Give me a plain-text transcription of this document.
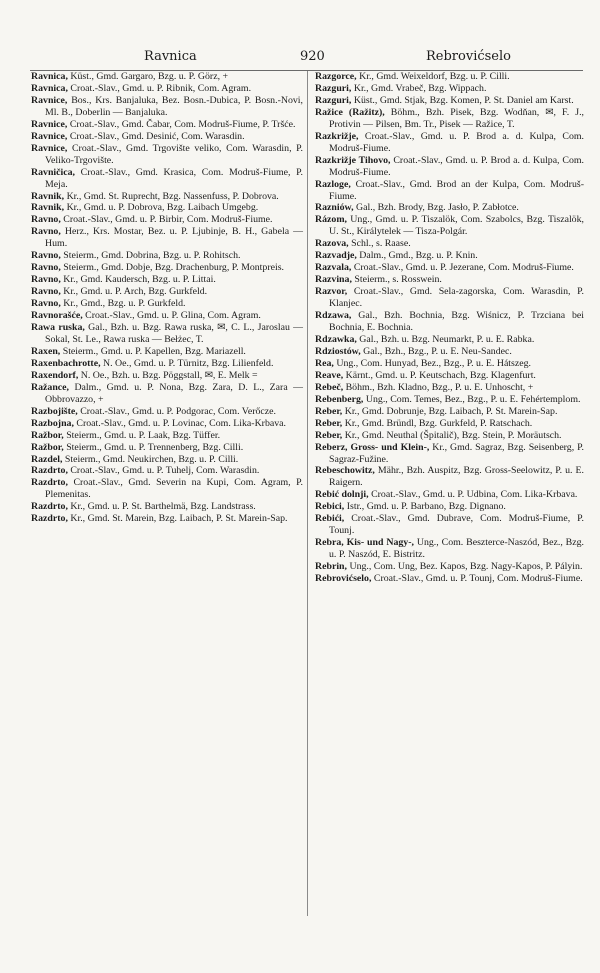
Ravnica	920	Rebrovićselo

Ravnica, Küst., Gmd. Gargaro, Bzg. u. P. Görz, +

Ravnica, Croat.-Slav., Gmd. u. P. Ribnik, Com. Agram.

Ravnice, Bos., Krs. Banjaluka, Bez. Bosn.-Dubica, P. Bosn.-Novi, Ml. B., Doberlin — Banjaluka.

Ravnice, Croat.-Slav., Gmd. Čabar, Com. Modruš-Fiume, P. Tršće.

Ravnice, Croat.-Slav., Gmd. Desinić, Com. Warasdin.

Ravnice, Croat.-Slav., Gmd. Trgovište veliko, Com. Warasdin, P. Veliko-Trgovište.

Ravničica, Croat.-Slav., Gmd. Krasica, Com. Modruš-Fiume, P. Meja.

Ravnik, Kr., Gmd. St. Ruprecht, Bzg. Nassenfuss, P. Dobrova.

Ravnik, Kr., Gmd. u. P. Dobrova, Bzg. Laibach Umgebg.

Ravno, Croat.-Slav., Gmd. u. P. Birbir, Com. Modruš-Fiume.

Ravno, Herz., Krs. Mostar, Bez. u. P. Ljubinje, B. H., Gabela — Hum.

Ravno, Steierm., Gmd. Dobrina, Bzg. u. P. Rohitsch.

Ravno, Steierm., Gmd. Dobje, Bzg. Drachenburg, P. Montpreis.

Ravno, Kr., Gmd. Kaudersch, Bzg. u. P. Littai.

Ravno, Kr., Gmd. u. P. Arch, Bzg. Gurkfeld.

Ravno, Kr., Gmd., Bzg. u. P. Gurkfeld.

Ravnorašće, Croat.-Slav., Gmd. u. P. Glina, Com. Agram.

Rawa ruska, Gal., Bzh. u. Bzg. Rawa ruska, ✉, C. L., Jaroslau — Sokal, St. Le., Rawa ruska — Bełżec, T.

Raxen, Steierm., Gmd. u. P. Kapellen, Bzg. Mariazell.

Raxenbachrotte, N. Oe., Gmd. u. P. Türnitz, Bzg. Lilienfeld.

Raxendorf, N. Oe., Bzh. u. Bzg. Pöggstall, ✉, E. Melk =

Ražance, Dalm., Gmd. u. P. Nona, Bzg. Zara, D. L., Zara — Obbrovazzo, +

Razbojište, Croat.-Slav., Gmd. u. P. Podgorac, Com. Verőcze.

Razbojna, Croat.-Slav., Gmd. u. P. Lovinac, Com. Lika-Krbava.

Ražbor, Steierm., Gmd. u. P. Laak, Bzg. Tüffer.

Ražbor, Steierm., Gmd. u. P. Trennenberg, Bzg. Cilli.

Razdel, Steierm., Gmd. Neukirchen, Bzg. u. P. Cilli.

Razdrto, Croat.-Slav., Gmd. u. P. Tuhelj, Com. Warasdin.

Razdrto, Croat.-Slav., Gmd. Severin na Kupi, Com. Agram, P. Plemenitas.

Razdrto, Kr., Gmd. u. P. St. Barthelmä, Bzg. Landstrass.

Razdrto, Kr., Gmd. St. Marein, Bzg. Laibach, P. St. Marein-Sap.

Razgorce, Kr., Gmd. Weixeldorf, Bzg. u. P. Cilli.

Razguri, Kr., Gmd. Vrabeč, Bzg. Wippach.

Razguri, Küst., Gmd. Stjak, Bzg. Komen, P. St. Daniel am Karst.

Ražice (Ražitz), Böhm., Bzh. Pisek, Bzg. Wodňan, ✉, F. J., Protivin — Pilsen, Bm. Tr., Pisek — Ražice, T.

Razkrižje, Croat.-Slav., Gmd. u. P. Brod a. d. Kulpa, Com. Modruš-Fiume.

Razkrižje Tihovo, Croat.-Slav., Gmd. u. P. Brod a. d. Kulpa, Com. Modruš-Fiume.

Razloge, Croat.-Slav., Gmd. Brod an der Kulpa, Com. Modruš-Fiume.

Razniów, Gal., Bzh. Brody, Bzg. Jasło, P. Zabłotce.

Rázom, Ung., Gmd. u. P. Tiszalök, Com. Szabolcs, Bzg. Tiszalök, U. St., Királytelek — Tisza-Polgár.

Razova, Schl., s. Raase.

Razvadje, Dalm., Gmd., Bzg. u. P. Knin.

Razvala, Croat.-Slav., Gmd. u. P. Jezerane, Com. Modruš-Fiume.

Razvina, Steierm., s. Rosswein.

Razvor, Croat.-Slav., Gmd. Sela-zagorska, Com. Warasdin, P. Klanjec.

Rdzawa, Gal., Bzh. Bochnia, Bzg. Wiśnicz, P. Trzciana bei Bochnia, E. Bochnia.

Rdzawka, Gal., Bzh. u. Bzg. Neumarkt, P. u. E. Rabka.

Rdziostów, Gal., Bzh., Bzg., P. u. E. Neu-Sandec.

Rea, Ung., Com. Hunyad, Bez., Bzg., P. u. E. Hátszeg.

Reave, Kärnt., Gmd. u. P. Keutschach, Bzg. Klagenfurt.

Rebeč, Böhm., Bzh. Kladno, Bzg., P. u. E. Unhoscht, +

Rebenberg, Ung., Com. Temes, Bez., Bzg., P. u. E. Fehértemplom.

Reber, Kr., Gmd. Dobrunje, Bzg. Laibach, P. St. Marein-Sap.

Reber, Kr., Gmd. Bründl, Bzg. Gurkfeld, P. Ratschach.

Reber, Kr., Gmd. Neuthal (Špitalič), Bzg. Stein, P. Moräutsch.

Reberz, Gross- und Klein-, Kr., Gmd. Sagraz, Bzg. Seisenberg, P. Sagraz-Fužine.

Rebeschowitz, Mähr., Bzh. Auspitz, Bzg. Gross-Seelowitz, P. u. E. Raigern.

Rebić dolnji, Croat.-Slav., Gmd. u. P. Udbina, Com. Lika-Krbava.

Rebici, Istr., Gmd. u. P. Barbano, Bzg. Dignano.

Rebići, Croat.-Slav., Gmd. Dubrave, Com. Modruš-Fiume, P. Tounj.

Rebra, Kis- und Nagy-, Ung., Com. Beszterce-Naszód, Bez., Bzg. u. P. Naszód, E. Bistritz.

Rebrin, Ung., Com. Ung, Bez. Kapos, Bzg. Nagy-Kapos, P. Pályin.

Rebrovićselo, Croat.-Slav., Gmd. u. P. Tounj, Com. Modruš-Fiume.
